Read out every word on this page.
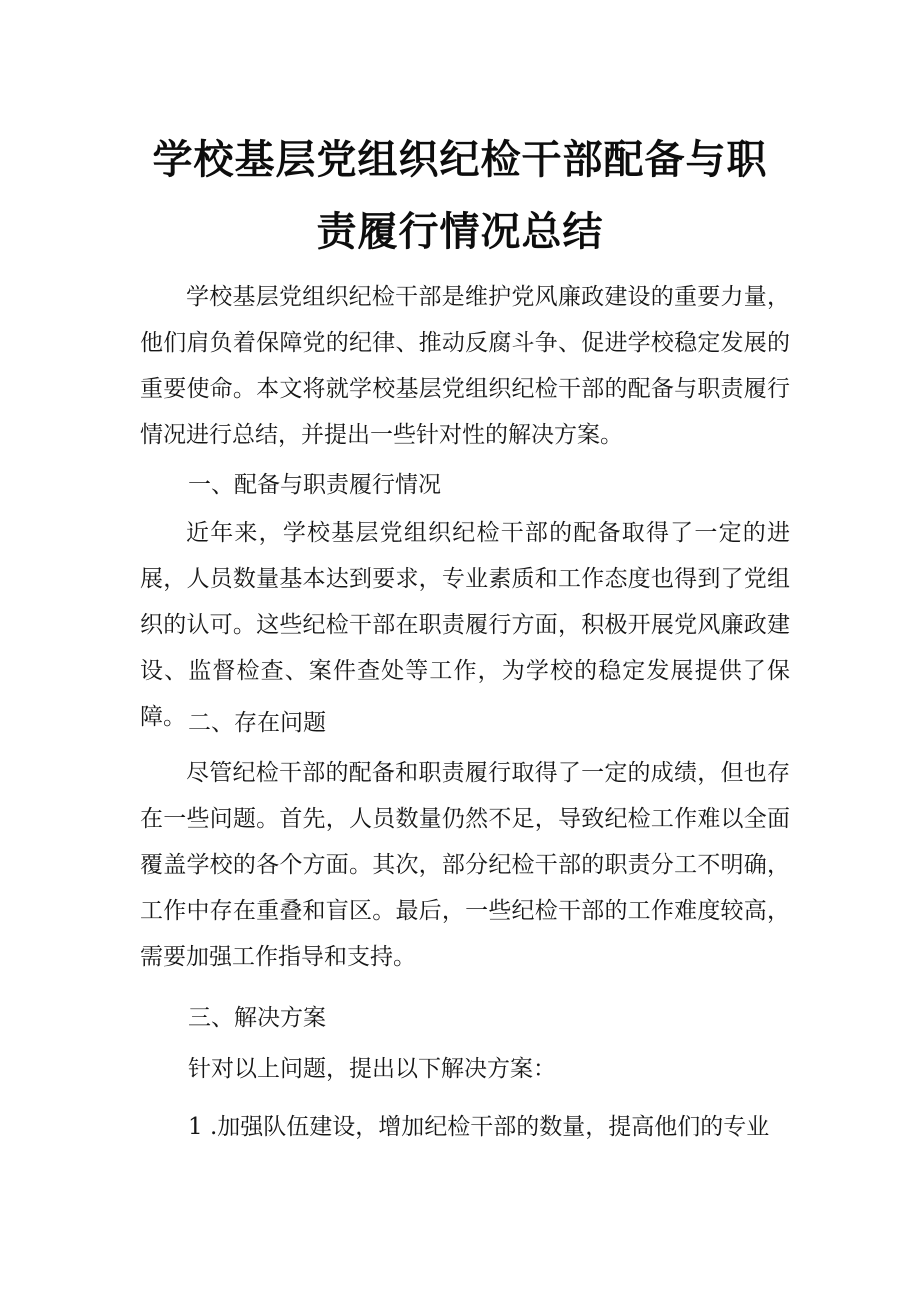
学校基层党组织纪检干部配备与职
责履行情况总结

学校基层党组织纪检干部是维护党风廉政建设的重要力量，他们肩负着保障党的纪律、推动反腐斗争、促进学校稳定发展的重要使命。本文将就学校基层党组织纪检干部的配备与职责履行情况进行总结，并提出一些针对性的解决方案。

一、配备与职责履行情况

近年来，学校基层党组织纪检干部的配备取得了一定的进展，人员数量基本达到要求，专业素质和工作态度也得到了党组织的认可。这些纪检干部在职责履行方面，积极开展党风廉政建设、监督检查、案件查处等工作，为学校的稳定发展提供了保障。 二、存在问题

尽管纪检干部的配备和职责履行取得了一定的成绩，但也存在一些问题。首先，人员数量仍然不足，导致纪检工作难以全面覆盖学校的各个方面。其次，部分纪检干部的职责分工不明确，工作中存在重叠和盲区。最后，一些纪检干部的工作难度较高，需要加强工作指导和支持。

三、解决方案

针对以上问题，提出以下解决方案：

1 .加强队伍建设，增加纪检干部的数量，提高他们的专业
